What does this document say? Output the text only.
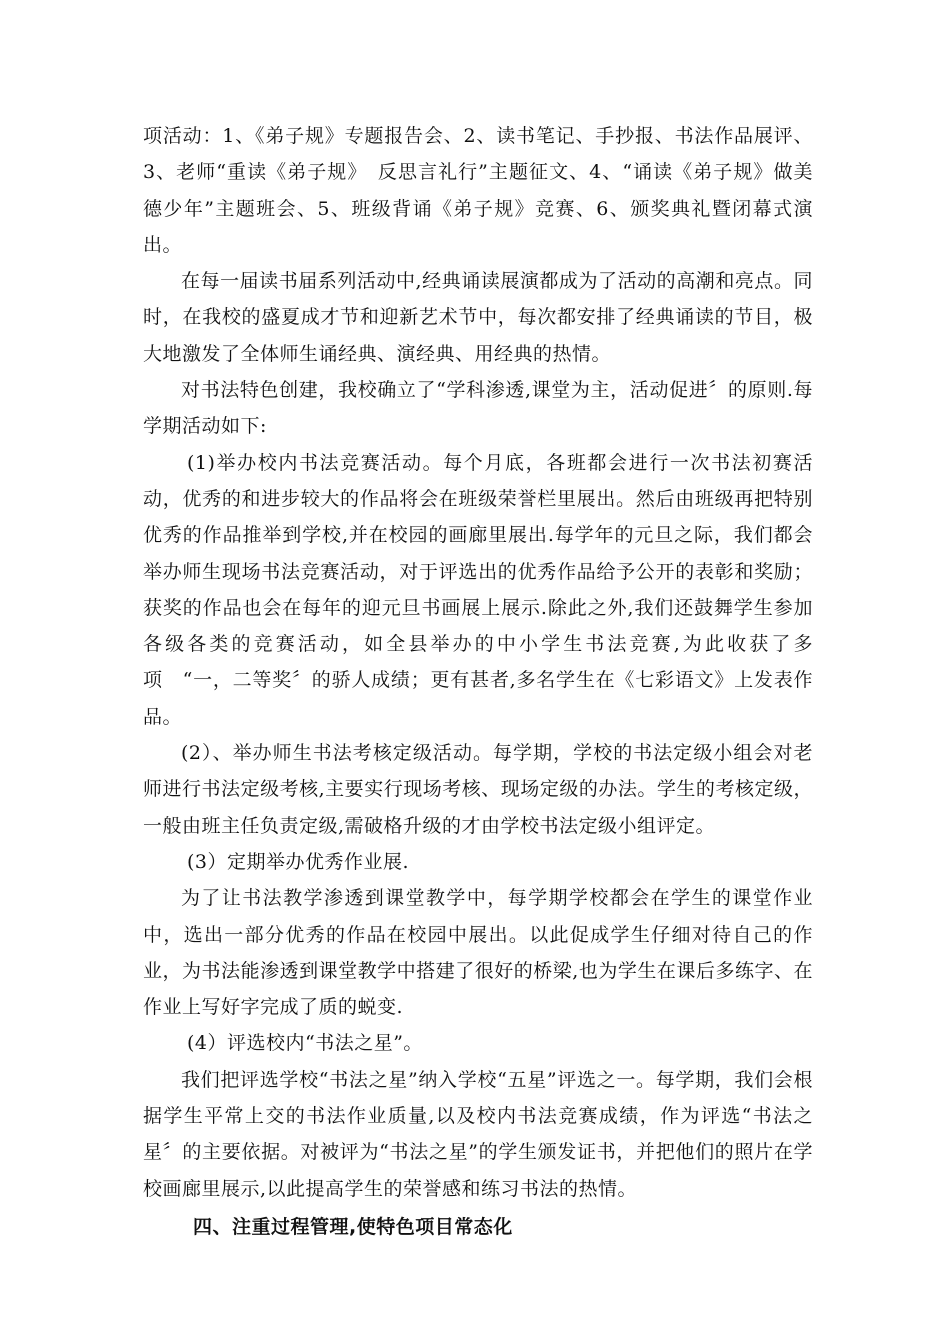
项活动：1、《弟子规》专题报告会、2、读书笔记、手抄报、书法作品展评、3、老师“重读《弟子规》　反思言礼行”主题征文、4、“诵读《弟子规》做美德少年”主题班会、5、班级背诵《弟子规》竞赛、6、颁奖典礼暨闭幕式演出。

在每一届读书届系列活动中,经典诵读展演都成为了活动的高潮和亮点。同时，在我校的盛夏成才节和迎新艺术节中，每次都安排了经典诵读的节目，极大地激发了全体师生诵经典、演经典、用经典的热情。

对书法特色创建，我校确立了“学科渗透,课堂为主，活动促进〞的原则.每学期活动如下:

(1)举办校内书法竞赛活动。每个月底，各班都会进行一次书法初赛活动，优秀的和进步较大的作品将会在班级荣誉栏里展出。然后由班级再把特别优秀的作品推举到学校,并在校园的画廊里展出.每学年的元旦之际，我们都会举办师生现场书法竞赛活动，对于评选出的优秀作品给予公开的表彰和奖励；获奖的作品也会在每年的迎元旦书画展上展示.除此之外,我们还鼓舞学生参加各级各类的竞赛活动，如全县举办的中小学生书法竞赛,为此收获了多项　“一，二等奖〞的骄人成绩；更有甚者,多名学生在《七彩语文》上发表作品。

(2）、举办师生书法考核定级活动。每学期，学校的书法定级小组会对老师进行书法定级考核,主要实行现场考核、现场定级的办法。学生的考核定级，一般由班主任负责定级,需破格升级的才由学校书法定级小组评定。

(3）定期举办优秀作业展.

为了让书法教学渗透到课堂教学中，每学期学校都会在学生的课堂作业中，选出一部分优秀的作品在校园中展出。以此促成学生仔细对待自己的作业，为书法能渗透到课堂教学中搭建了很好的桥梁,也为学生在课后多练字、在作业上写好字完成了质的蜕变.

(4）评选校内“书法之星”。

我们把评选学校“书法之星”纳入学校“五星”评选之一。每学期，我们会根据学生平常上交的书法作业质量,以及校内书法竞赛成绩，作为评选“书法之星〞的主要依据。对被评为“书法之星”的学生颁发证书，并把他们的照片在学校画廊里展示,以此提高学生的荣誉感和练习书法的热情。

四、注重过程管理,使特色项目常态化
